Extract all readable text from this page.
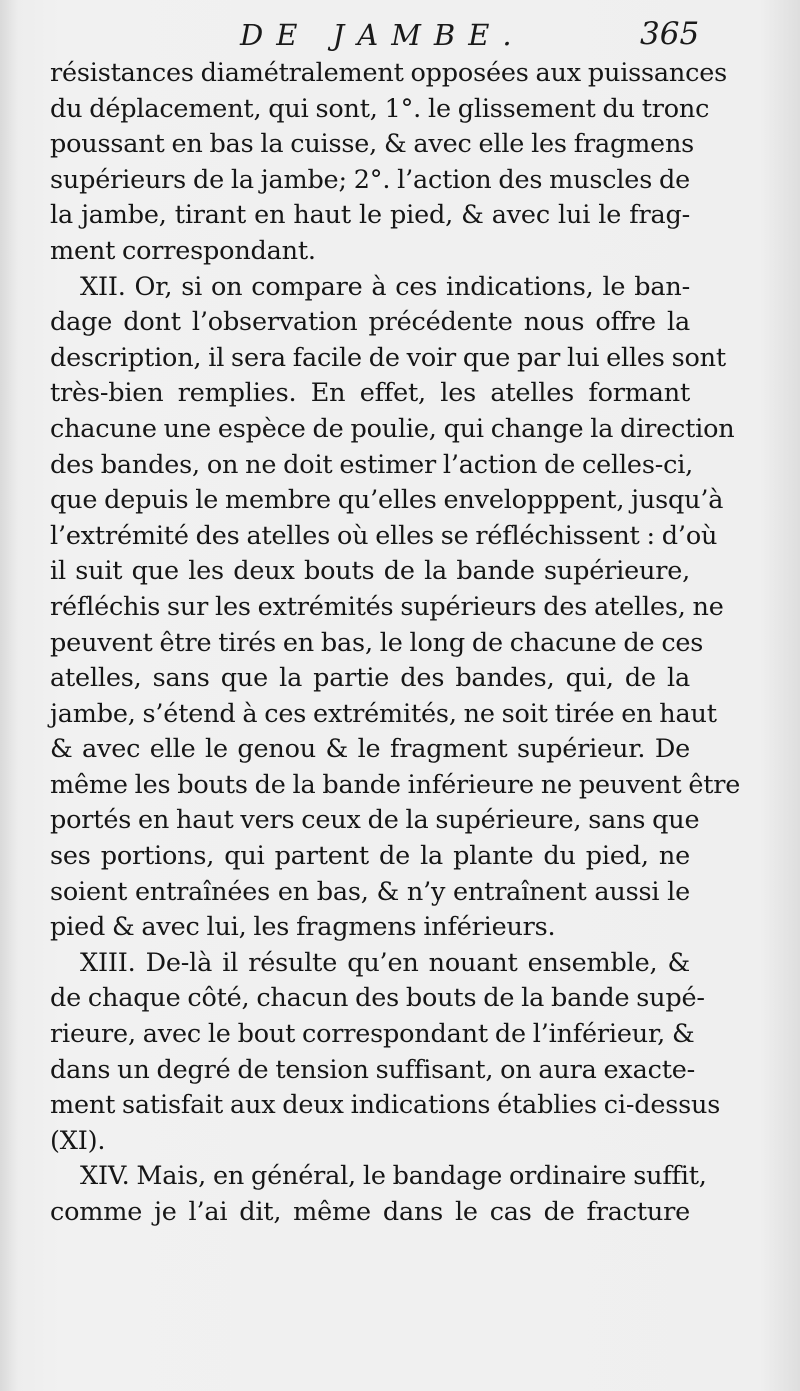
DE JAMBE.	365
résistances diamétralement opposées aux puissances
du déplacement, qui sont, 1°. le glissement du tronc
poussant en bas la cuisse, & avec elle les fragmens
supérieurs de la jambe; 2°. l’action des muscles de
la jambe, tirant en haut le pied, & avec lui le frag-
ment correspondant.
XII. Or, si on compare à ces indications, le ban-
dage dont l’observation précédente nous offre la
description, il sera facile de voir que par lui elles sont
très-bien remplies. En effet, les atelles formant
chacune une espèce de poulie, qui change la direction
des bandes, on ne doit estimer l’action de celles-ci,
que depuis le membre qu’elles envelopppent, jusqu’à
l’extrémité des atelles où elles se réfléchissent : d’où
il suit que les deux bouts de la bande supérieure,
réfléchis sur les extrémités supérieurs des atelles, ne
peuvent être tirés en bas, le long de chacune de ces
atelles, sans que la partie des bandes, qui, de la
jambe, s’étend à ces extrémités, ne soit tirée en haut
& avec elle le genou & le fragment supérieur. De
même les bouts de la bande inférieure ne peuvent être
portés en haut vers ceux de la supérieure, sans que
ses portions, qui partent de la plante du pied, ne
soient entraînées en bas, & n’y entraînent aussi le
pied & avec lui, les fragmens inférieurs.
XIII. De-là il résulte qu’en nouant ensemble, &
de chaque côté, chacun des bouts de la bande supé-
rieure, avec le bout correspondant de l’inférieur, &
dans un degré de tension suffisant, on aura exacte-
ment satisfait aux deux indications établies ci-dessus
(XI).
XIV. Mais, en général, le bandage ordinaire suffit,
comme je l’ai dit, même dans le cas de fracture
